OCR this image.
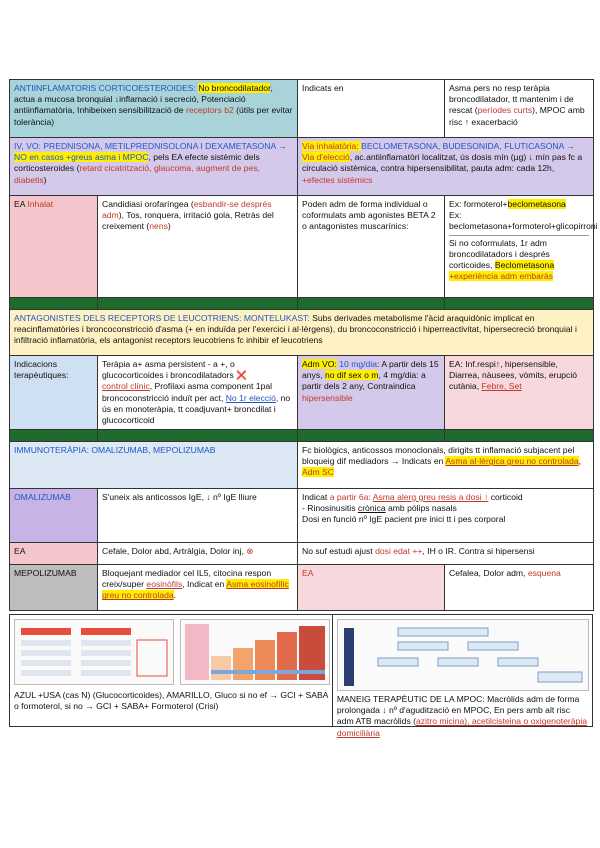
ANTIINFLAMATORIS CORTICOESTEROIDES: No broncodilatador, actua a mucosa bronquial ↓inflamació i secreció, Potenciació antiinflamatòria, Inhibeixen sensibilització de receptors b2 (útils per evitar tolerància)		Indicats en	Asma pers no resp teràpia broncodilatador, tt mantenim i de rescat (períodes curts), MPOC amb risc ↑ exacerbació
IV, VO: PREDNISONA, METILPREDNISOLONA I DEXAMETASONA → NO en casos +greus asma i MPOC, pels EA efecte sistèmic dels corticosteroides (retard cicatrització, glaucoma, augment de pes, diabetis)		Via inhalatòria: BECLOMETASONA, BUDESONIDA, FLUTICASONA → Via d'elecció, ac.antiinflamatòri localitzat, ús dosis mín (µg) ↓ mín pas fc a circulació sistèmica, contra hipersensibilitat, pauta adm: cada 12h, +efectes sistèmics	
EA Inhalat	Candidiasi orofaríngea (esbandir-se després adm), Tos, ronquera, irritació gola, Retràs del creixement (nens)	Poden adm de forma individual o coformulats amb agonistes BETA 2 o antagonistes muscarínics:	Ex: formoterol+beclometasona
Ex: beclometasona+formoterol+glicopirroni
Si no coformulats, 1r adm broncodilatadors i després corticoides, Beclometasona +experiència adm embaràs

ANTAGONISTES DELS RECEPTORS DE LEUCOTRIENS: MONTELUKAST: Subs derivades metabolisme l'àcid araquidònic implicat en reacinflamatòries i broncoconstricció d'asma (+ en induïda per l'exercici i al·lèrgens), du broncoconstricció i hiperreactivitat, hipersecreció bronquial i infiltració inflamatòria, els antagonist receptors leucotriens fc inhibir ef leucotriens			
Indicacions terapèutiques:	Teràpia a+ asma persistent - a +, o glucocorticoides i broncodilatadors ❌
control clínic, Profilaxi asma component 1pal broncoconstricció induït per act, No 1r elecció, no ús en monoteràpia, tt coadjuvant+ broncdilat i glucocorticoid	Adm VO: 10 mg/dia: A partir dels 15 anys, no dif sex o m, 4 mg/dia: a partir dels 2 any, Contraindica hipersensible	EA: Inf.respi↑, hipersensible, Diarrea, nàusees, vòmits, erupció cutània, Febre, Set

IMMUNOTERÀPIA: OMALIZUMAB, MEPOLIZUMAB		Fc biològics, anticossos monoclonals, dirigits tt inflamació subjacent pel bloqueig dif mediadors → Indicats en Asma al·lèrgica greu no controlada, Adm SC	
OMALIZUMAB	S'uneix als anticossos IgE, ↓ nº IgE lliure	Indicat a partir 6a: Asma alerg greu resis a dosi ↑ corticoid
- Rinosinusitis crònica amb pòlips nasals
Dosi en funció nº IgE pacient pre inici tt i pes corporal	

EA	Cefale, Dolor abd, Artràlgia, Dolor inj, ⊗	No suf estudi ajust dosi edat ++, IH o IR. Contra si hipersensi	
MEPOLIZUMAB	Bloquejant mediador cel IL5, citocina respon creix/super eosinòfils, Indicat en Asma eosinofílic greu no controlada.	EA	Cefalea, Dolor adm, esquena
AZUL +USA (cas N) (Glucocorticoides), AMARILLO, Gluco si no ef → GCI + SABA o formoterol, si no → GCI + SABA+ Formoterol (Crisi)
MANEIG TERAPÈUTIC DE LA MPOC: Macròlids adm de forma prolongada ↓ nº d'agudització en MPOC, En pers amb alt risc adm ATB macròlids (azitro micina), acetilcisteina o oxigenoteràpia domiciliària
